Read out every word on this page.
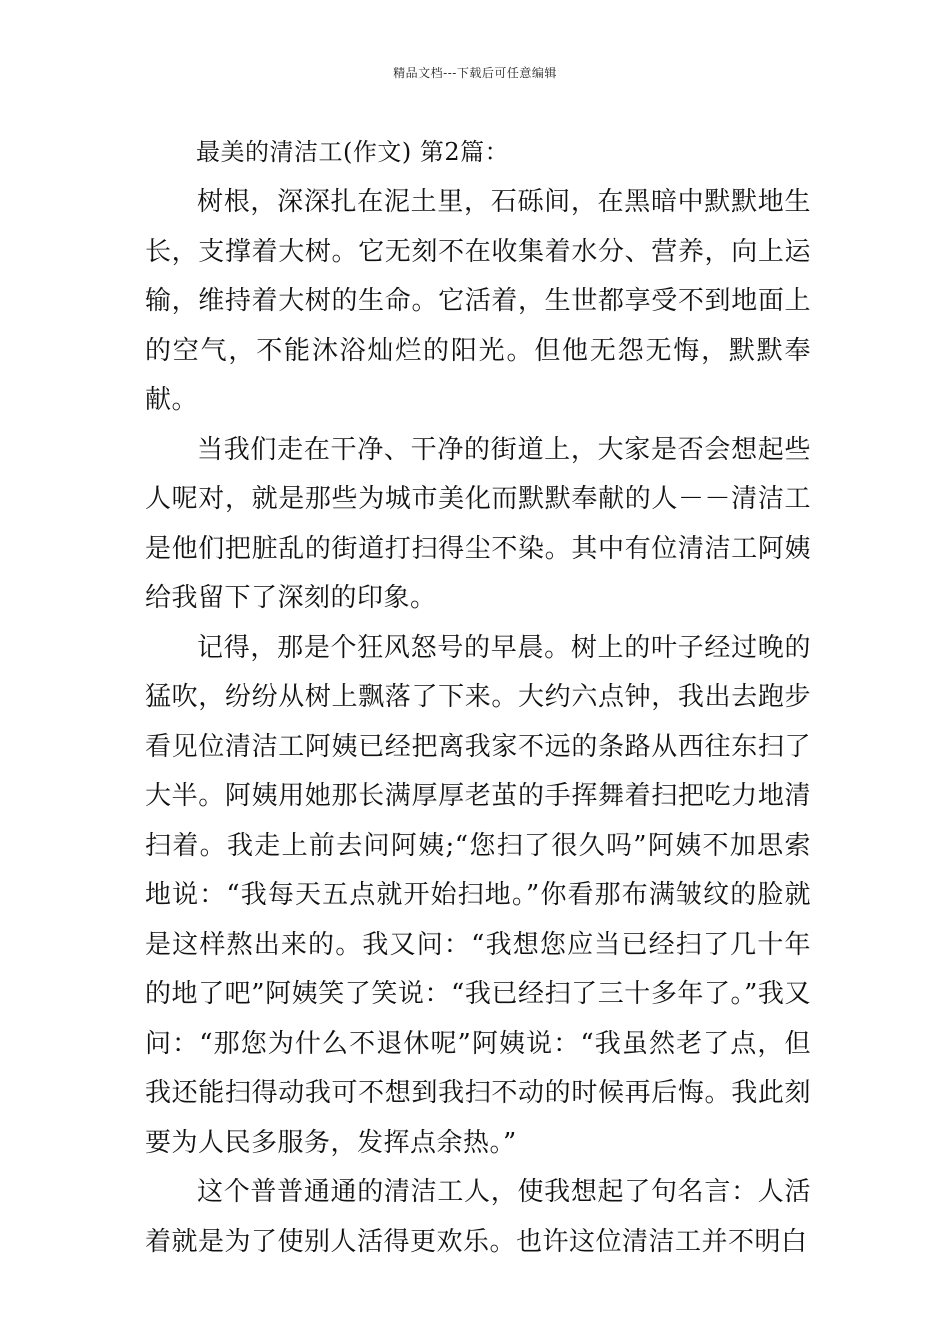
精品文档---下载后可任意编辑
最美的清洁工(作文) 第2篇：

树根，深深扎在泥土里，石砾间，在黑暗中默默地生长，支撑着大树。它无刻不在收集着水分、营养，向上运输，维持着大树的生命。它活着，生世都享受不到地面上的空气，不能沐浴灿烂的阳光。但他无怨无悔，默默奉献。

当我们走在干净、干净的街道上，大家是否会想起些人呢对，就是那些为城市美化而默默奉献的人－－清洁工是他们把脏乱的街道打扫得尘不染。其中有位清洁工阿姨给我留下了深刻的印象。

记得，那是个狂风怒号的早晨。树上的叶子经过晚的猛吹，纷纷从树上飘落了下来。大约六点钟，我出去跑步看见位清洁工阿姨已经把离我家不远的条路从西往东扫了大半。阿姨用她那长满厚厚老茧的手挥舞着扫把吃力地清扫着。我走上前去问阿姨;“您扫了很久吗”阿姨不加思索地说：“我每天五点就开始扫地。”你看那布满皱纹的脸就是这样熬出来的。我又问：“我想您应当已经扫了几十年的地了吧”阿姨笑了笑说：“我已经扫了三十多年了。”我又问：“那您为什么不退休呢”阿姨说：“我虽然老了点，但我还能扫得动我可不想到我扫不动的时候再后悔。我此刻要为人民多服务，发挥点余热。”

这个普普通通的清洁工人，使我想起了句名言：人活着就是为了使别人活得更欢乐。也许这位清洁工并不明白
